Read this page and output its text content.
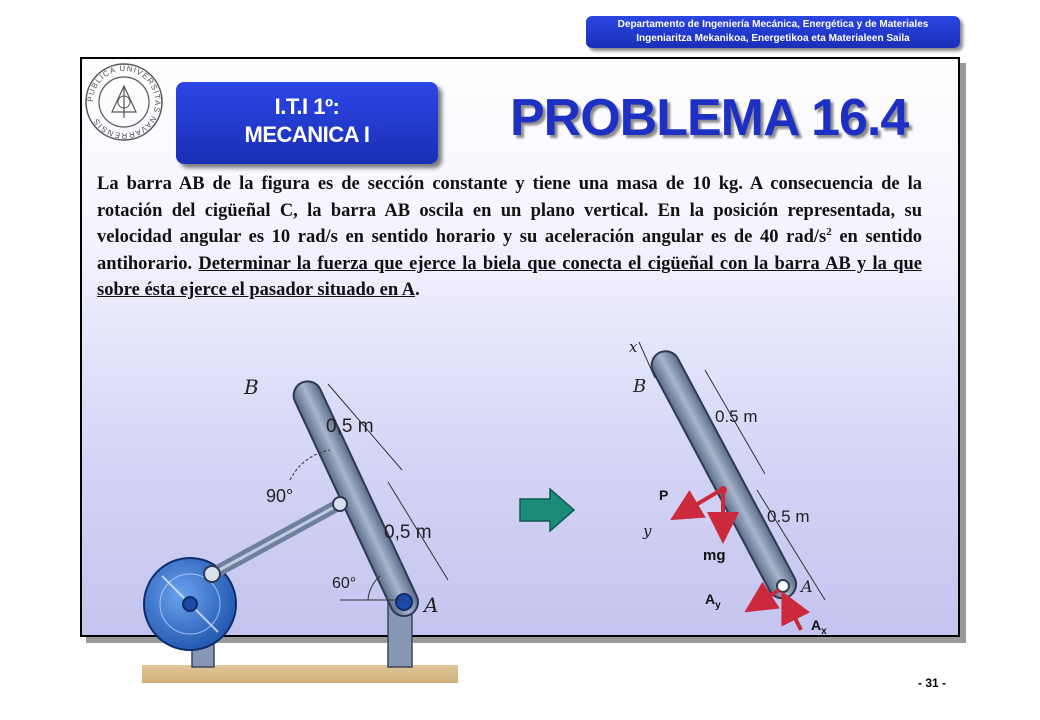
Departamento de Ingeniería Mecánica, Energética y de Materiales
Ingeniaritza Mekanikoa, Energetikoa eta Materialeen Saila
PUBLICA UNIVERSITAS NAVARRENSIS
I.T.I 1º:
MECANICA I	PROBLEMA 16.4
La barra AB de la figura es de sección constante y tiene una masa de 10 kg. A consecuencia de la rotación del cigüeñal C, la barra AB oscila en un plano vertical. En la posición representada, su velocidad angular es 10 rad/s en sentido horario y su aceleración angular es de 40 rad/$s^2$ en sentido antihorario. Determinar la fuerza que ejerce la biela que conecta el cigüeñal con la barra AB y la que sobre ésta ejerce el pasador situado en A.
B
0,5 m
90°
0,5 m
60°
A
x
B
0.5 m
P
y
0.5 m
mg
A
$A_y$
$A_x$
- 31 -
